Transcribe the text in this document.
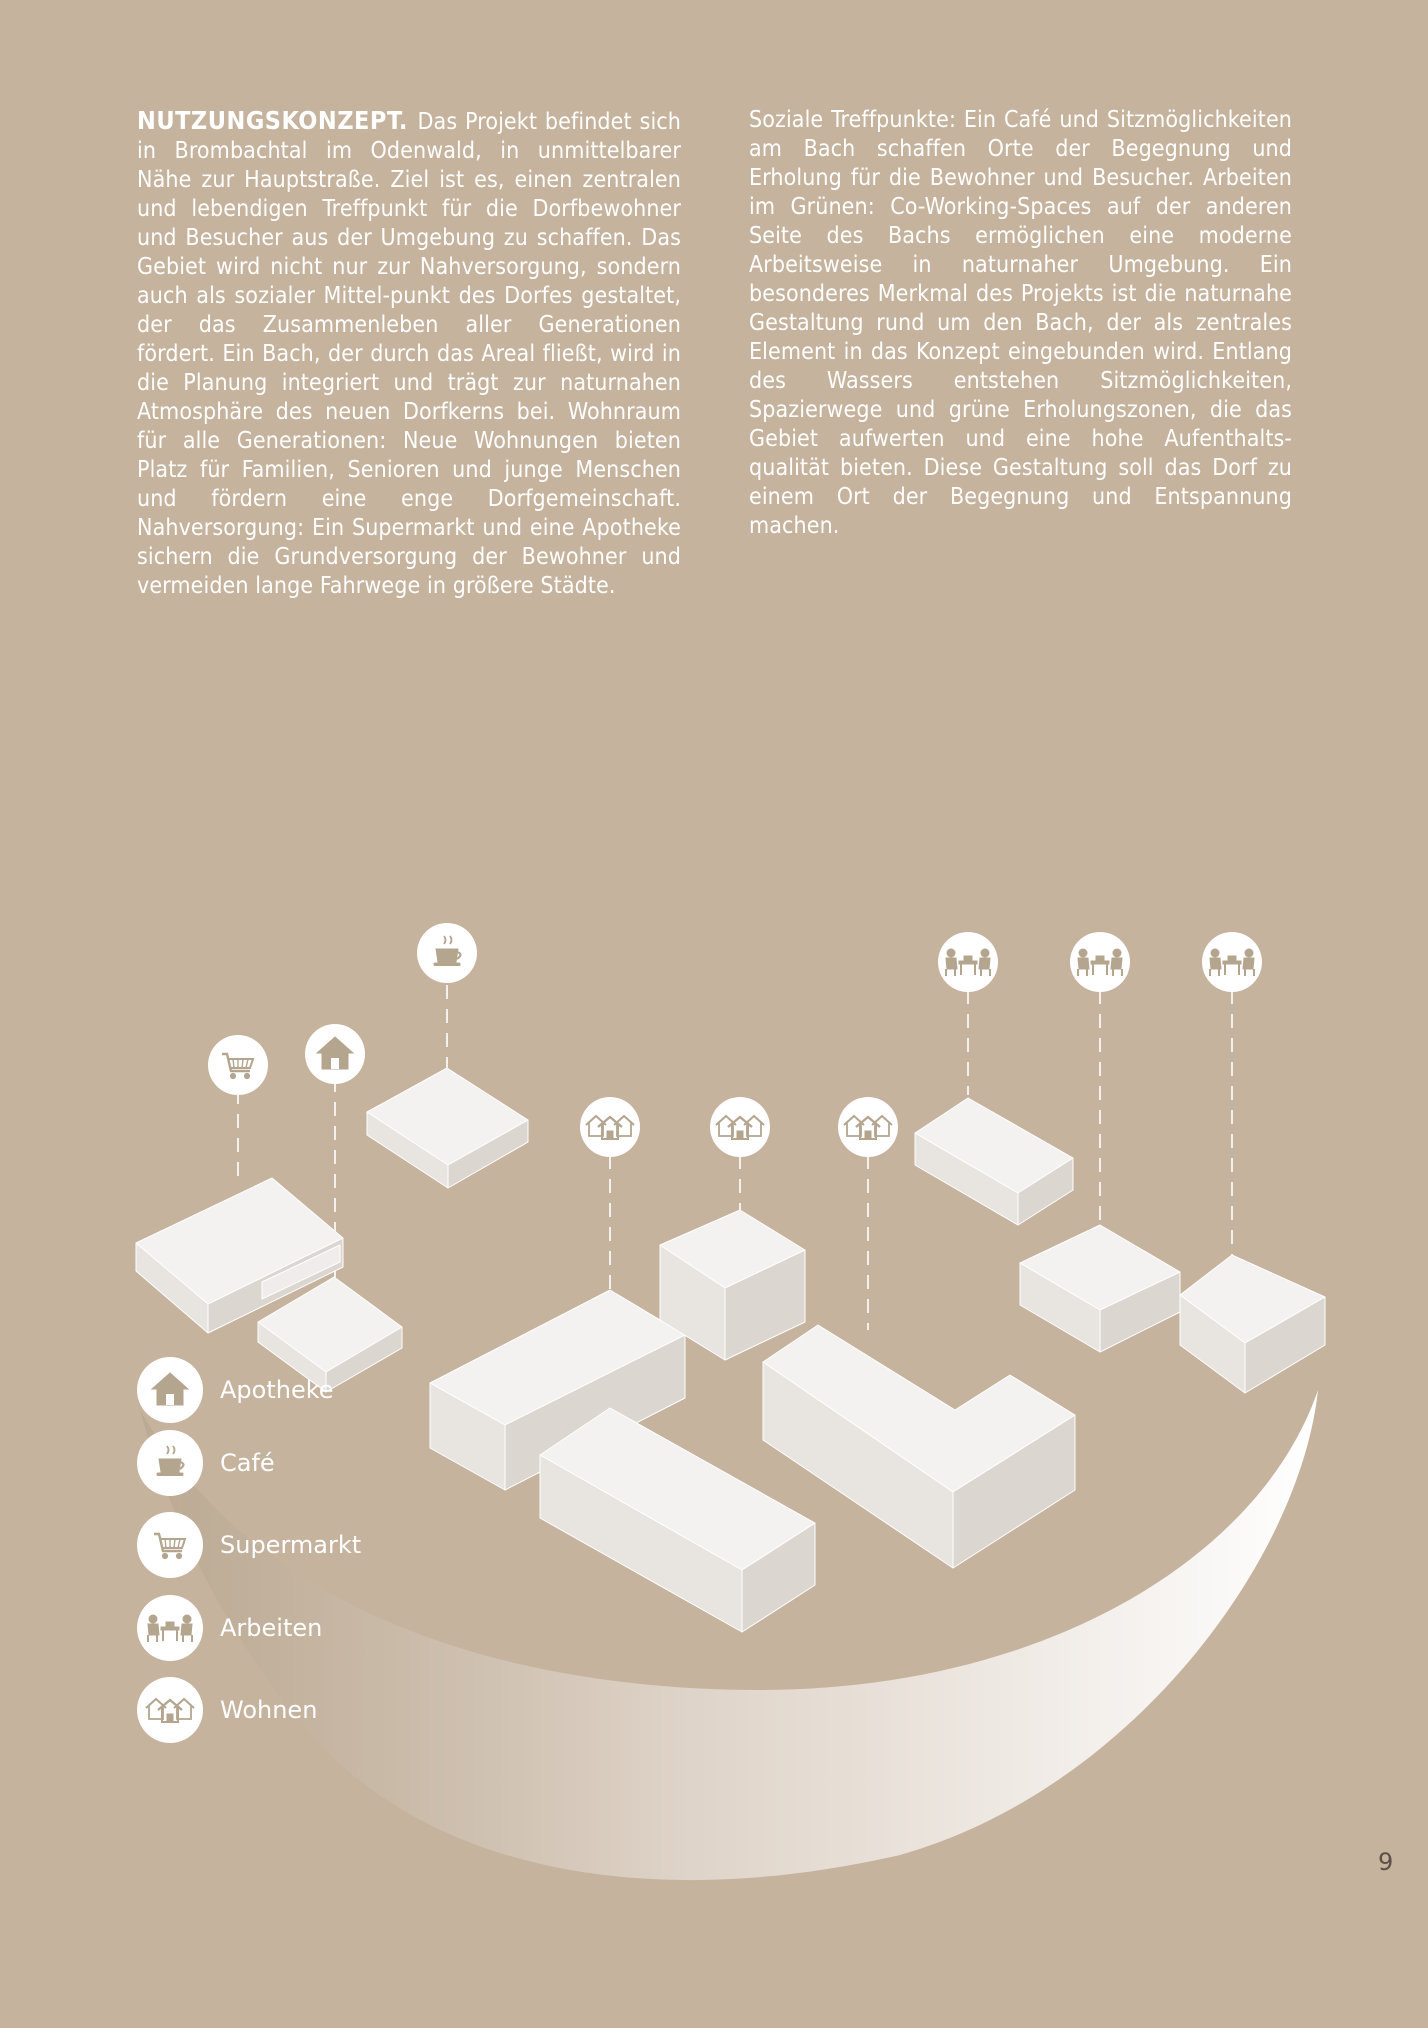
NUTZUNGSKONZEPT. Das Projekt befindet sich in Brombachtal im Odenwald, in unmittelbarer Nähe zur Hauptstraße. Ziel ist es, einen zentralen und lebendigen Treffpunkt für die Dorfbewohner und Besucher aus der Umgebung zu schaffen. Das Gebiet wird nicht nur zur Nahversorgung, sondern auch als sozialer Mittel-punkt des Dorfes gestaltet, der das Zusammenleben aller Generationen fördert. Ein Bach, der durch das Areal fließt, wird in die Planung integriert und trägt zur naturnahen Atmosphäre des neuen Dorfkerns bei. Wohnraum für alle Generationen: Neue Wohnungen bieten Platz für Familien, Senioren und junge Menschen und fördern eine enge Dorfgemeinschaft. Nahversorgung: Ein Supermarkt und eine Apotheke sichern die Grundversorgung der Bewohner und vermeiden lange Fahrwege in größere Städte.
Soziale Treffpunkte: Ein Café und Sitzmöglichkeiten am Bach schaffen Orte der Begegnung und Erholung für die Bewohner und Besucher. Arbeiten im Grünen: Co-Working-Spaces auf der anderen Seite des Bachs ermöglichen eine moderne Arbeitsweise in naturnaher Umgebung. Ein besonderes Merkmal des Projekts ist die naturnahe Gestaltung rund um den Bach, der als zentrales Element in das Konzept eingebunden wird. Entlang des Wassers entstehen Sitzmöglichkeiten, Spazierwege und grüne Erholungszonen, die das Gebiet aufwerten und eine hohe Aufenthalts-qualität bieten. Diese Gestaltung soll das Dorf zu einem Ort der Begegnung und Entspannung machen.
Apotheke
Café
Supermarkt
Arbeiten
Wohnen
9
